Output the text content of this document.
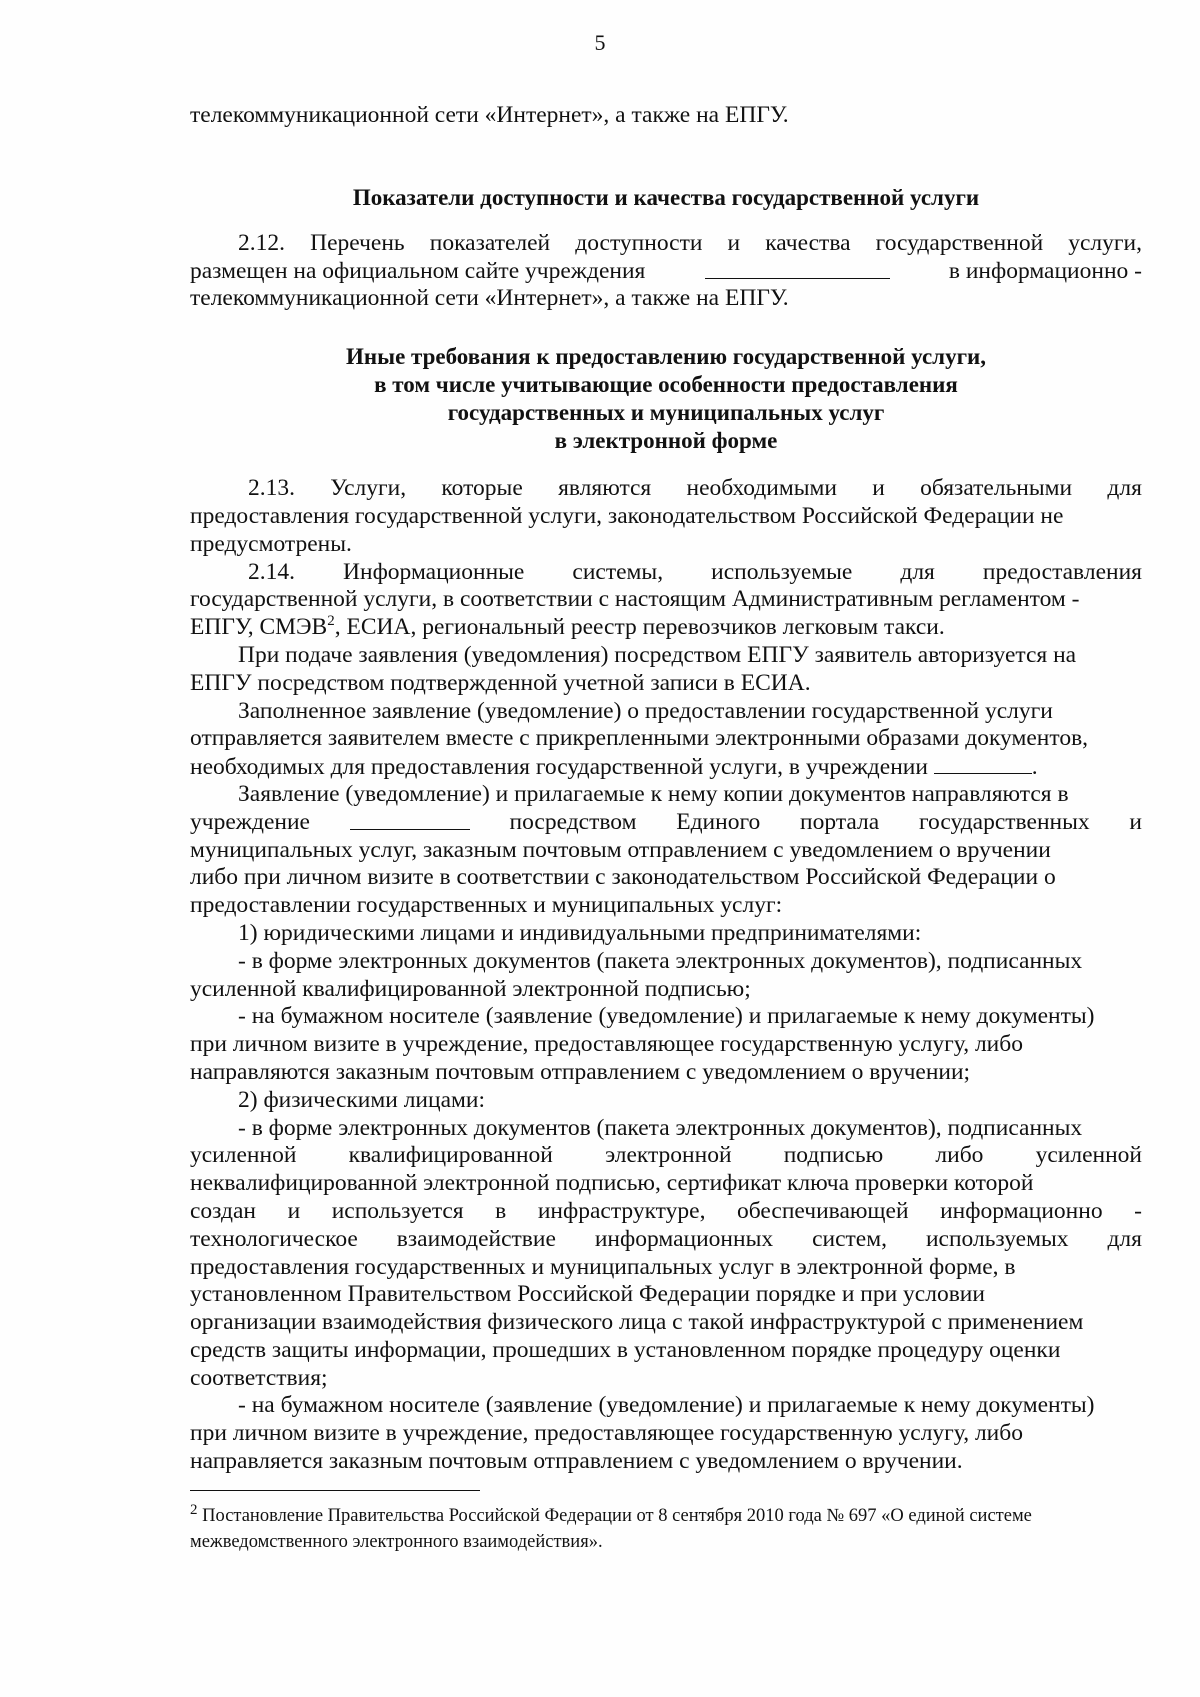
5
телекоммуникационной сети «Интернет», а также на ЕПГУ.
Показатели доступности и качества государственной услуги
2.12. Перечень показателей доступности и качества государственной услуги,
размещен на официальном сайте учреждения	в информационно -
телекоммуникационной сети «Интернет», а также на ЕПГУ.
Иные требования к предоставлению государственной услуги,
в том числе учитывающие особенности предоставления
государственных и муниципальных услуг
в электронной форме
2.13. Услуги, которые являются необходимыми и обязательными для
предоставления государственной услуги, законодательством Российской Федерации не
предусмотрены.
2.14. Информационные системы, используемые для предоставления
государственной услуги, в соответствии с настоящим Административным регламентом -
ЕПГУ, СМЭВ$^2$, ЕСИА, региональный реестр перевозчиков легковым такси.
При подаче заявления (уведомления) посредством ЕПГУ заявитель авторизуется на
ЕПГУ посредством подтвержденной учетной записи в ЕСИА.
Заполненное заявление (уведомление) о предоставлении государственной услуги
отправляется заявителем вместе с прикрепленными электронными образами документов,
необходимых для предоставления государственной услуги, в учреждении	.
Заявление (уведомление) и прилагаемые к нему копии документов направляются в
учреждение	посредством Единого портала государственных и
муниципальных услуг, заказным почтовым отправлением с уведомлением о вручении
либо при личном визите в соответствии с законодательством Российской Федерации о
предоставлении государственных и муниципальных услуг:
1) юридическими лицами и индивидуальными предпринимателями:
- в форме электронных документов (пакета электронных документов), подписанных
усиленной квалифицированной электронной подписью;
- на бумажном носителе (заявление (уведомление) и прилагаемые к нему документы)
при личном визите в учреждение, предоставляющее государственную услугу, либо
направляются заказным почтовым отправлением с уведомлением о вручении;
2) физическими лицами:
- в форме электронных документов (пакета электронных документов), подписанных
усиленной квалифицированной электронной подписью либо усиленной
неквалифицированной электронной подписью, сертификат ключа проверки которой
создан и используется в инфраструктуре, обеспечивающей информационно -
технологическое взаимодействие информационных систем, используемых для
предоставления государственных и муниципальных услуг в электронной форме, в
установленном Правительством Российской Федерации порядке и при условии
организации взаимодействия физического лица с такой инфраструктурой с применением
средств защиты информации, прошедших в установленном порядке процедуру оценки
соответствия;
- на бумажном носителе (заявление (уведомление) и прилагаемые к нему документы)
при личном визите в учреждение, предоставляющее государственную услугу, либо
направляется заказным почтовым отправлением с уведомлением о вручении.
$^2$ Постановление Правительства Российской Федерации от 8 сентября 2010 года № 697 «О единой системе
межведомственного электронного взаимодействия».
